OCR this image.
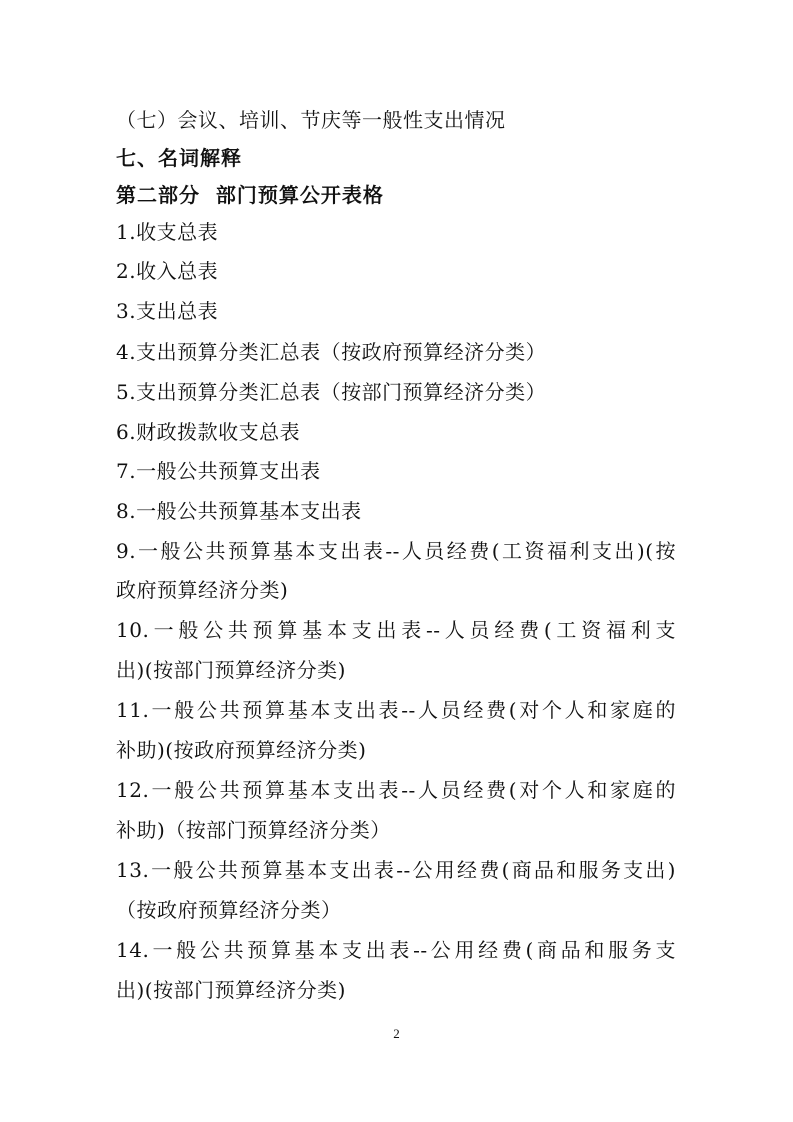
（七）会议、培训、节庆等一般性支出情况
七、名词解释
第二部分  部门预算公开表格
1.收支总表
2.收入总表
3.支出总表
4.支出预算分类汇总表（按政府预算经济分类）
5.支出预算分类汇总表（按部门预算经济分类）
6.财政拨款收支总表
7.一般公共预算支出表
8.一般公共预算基本支出表
9.一般公共预算基本支出表--人员经费(工资福利支出)(按
政府预算经济分类)
10.一般公共预算基本支出表--人员经费(工资福利支
出)(按部门预算经济分类)
11.一般公共预算基本支出表--人员经费(对个人和家庭的
补助)(按政府预算经济分类)
12.一般公共预算基本支出表--人员经费(对个人和家庭的
补助)（按部门预算经济分类）
13.一般公共预算基本支出表--公用经费(商品和服务支出)
（按政府预算经济分类）
14.一般公共预算基本支出表--公用经费(商品和服务支
出)(按部门预算经济分类)
2
